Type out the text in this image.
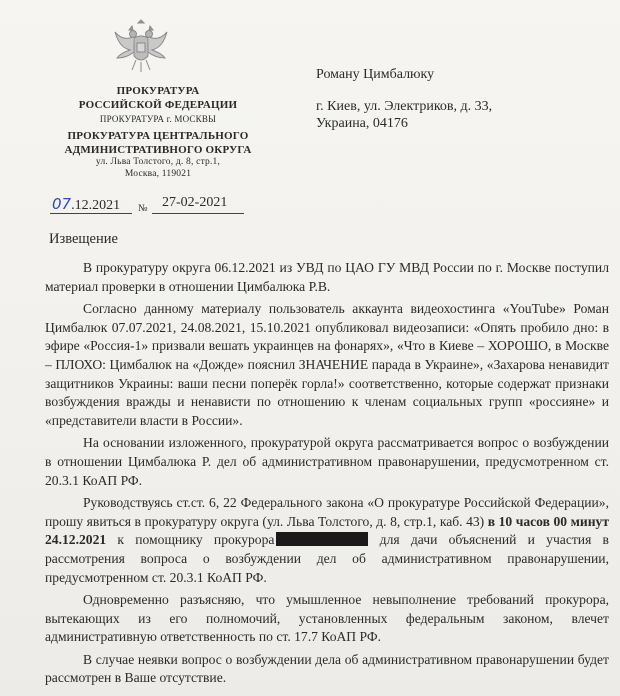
ПРОКУРАТУРА
РОССИЙСКОЙ ФЕДЕРАЦИИ
ПРОКУРАТУРА г. МОСКВЫ
ПРОКУРАТУРА ЦЕНТРАЛЬНОГО
АДМИНИСТРАТИВНОГО ОКРУГА
ул. Льва Толстого, д. 8, стр.1,
Москва, 119021
Роману Цимбалюку
г. Киев, ул. Электриков, д. 33,
Украина, 04176
07.12.2021 № 27-02-2021
Извещение

В прокуратуру округа 06.12.2021 из УВД по ЦАО ГУ МВД России по г. Москве поступил материал проверки в отношении Цимбалюка Р.В.

Согласно данному материалу пользователь аккаунта видеохостинга «YouTube» Роман Цимбалюк 07.07.2021, 24.08.2021, 15.10.2021 опубликовал видеозаписи: «Опять пробило дно: в эфире «Россия-1» призвали вешать украинцев на фонарях», «Что в Киеве – ХОРОШО, в Москве – ПЛОХО: Цимбалюк на «Дожде» пояснил ЗНАЧЕНИЕ парада в Украине», «Захарова ненавидит защитников Украины: ваши песни поперёк горла!» соответственно, которые содержат признаки возбуждения вражды и ненависти по отношению к членам социальных групп «россияне» и «представители власти в России».

На основании изложенного, прокуратурой округа рассматривается вопрос о возбуждении в отношении Цимбалюка Р. дел об административном правонарушении, предусмотренном ст. 20.3.1 КоАП РФ.

Руководствуясь ст.ст. 6, 22 Федерального закона «О прокуратуре Российской Федерации», прошу явиться в прокуратуру округа (ул. Льва Толстого, д. 8, стр.1, каб. 43) в 10 часов 00 минут 24.12.2021 к помощнику прокурора	для дачи объяснений и участия в рассмотрения вопроса о возбуждении дел об административном правонарушении, предусмотренном ст. 20.3.1 КоАП РФ.

Одновременно разъясняю, что умышленное невыполнение требований прокурора, вытекающих из его полномочий, установленных федеральным законом, влечет административную ответственность по ст. 17.7 КоАП РФ.

В случае неявки вопрос о возбуждении дела об административном правонарушении будет рассмотрен в Ваше отсутствие.
